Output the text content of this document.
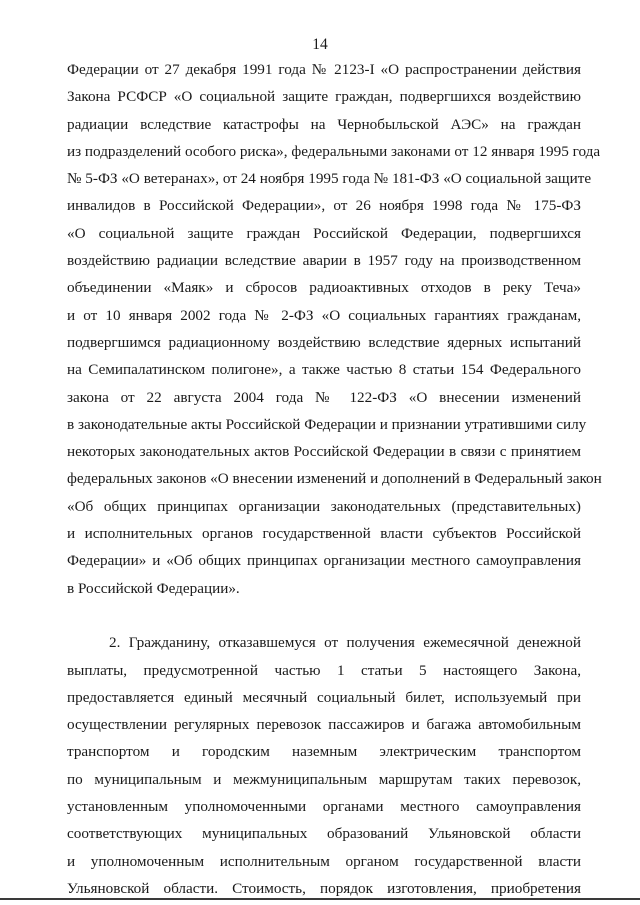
14
Федерации от 27 декабря 1991 года № 2123-I «О распространении действия
Закона РСФСР «О социальной защите граждан, подвергшихся воздействию
радиации вследствие катастрофы на Чернобыльской АЭС» на граждан
из подразделений особого риска», федеральными законами от 12 января 1995 года
№ 5-ФЗ «О ветеранах», от 24 ноября 1995 года № 181-ФЗ «О социальной защите
инвалидов в Российской Федерации», от 26 ноября 1998 года № 175-ФЗ
«О социальной защите граждан Российской Федерации, подвергшихся
воздействию радиации вследствие аварии в 1957 году на производственном
объединении «Маяк» и сбросов радиоактивных отходов в реку Теча»
и от 10 января 2002 года № 2-ФЗ «О социальных гарантиях гражданам,
подвергшимся радиационному воздействию вследствие ядерных испытаний
на Семипалатинском полигоне», а также частью 8 статьи 154 Федерального
закона от 22 августа 2004 года № 122-ФЗ «О внесении изменений
в законодательные акты Российской Федерации и признании утратившими силу
некоторых законодательных актов Российской Федерации в связи с принятием
федеральных законов «О внесении изменений и дополнений в Федеральный закон
«Об общих принципах организации законодательных (представительных)
и исполнительных органов государственной власти субъектов Российской
Федерации» и «Об общих принципах организации местного самоуправления
в Российской Федерации».
2. Гражданину, отказавшемуся от получения ежемесячной денежной
выплаты, предусмотренной частью 1 статьи 5 настоящего Закона,
предоставляется единый месячный социальный билет, используемый при
осуществлении регулярных перевозок пассажиров и багажа автомобильным
транспортом и городским наземным электрическим транспортом
по муниципальным и межмуниципальным маршрутам таких перевозок,
установленным уполномоченными органами местного самоуправления
соответствующих муниципальных образований Ульяновской области
и уполномоченным исполнительным органом государственной власти
Ульяновской области. Стоимость, порядок изготовления, приобретения
